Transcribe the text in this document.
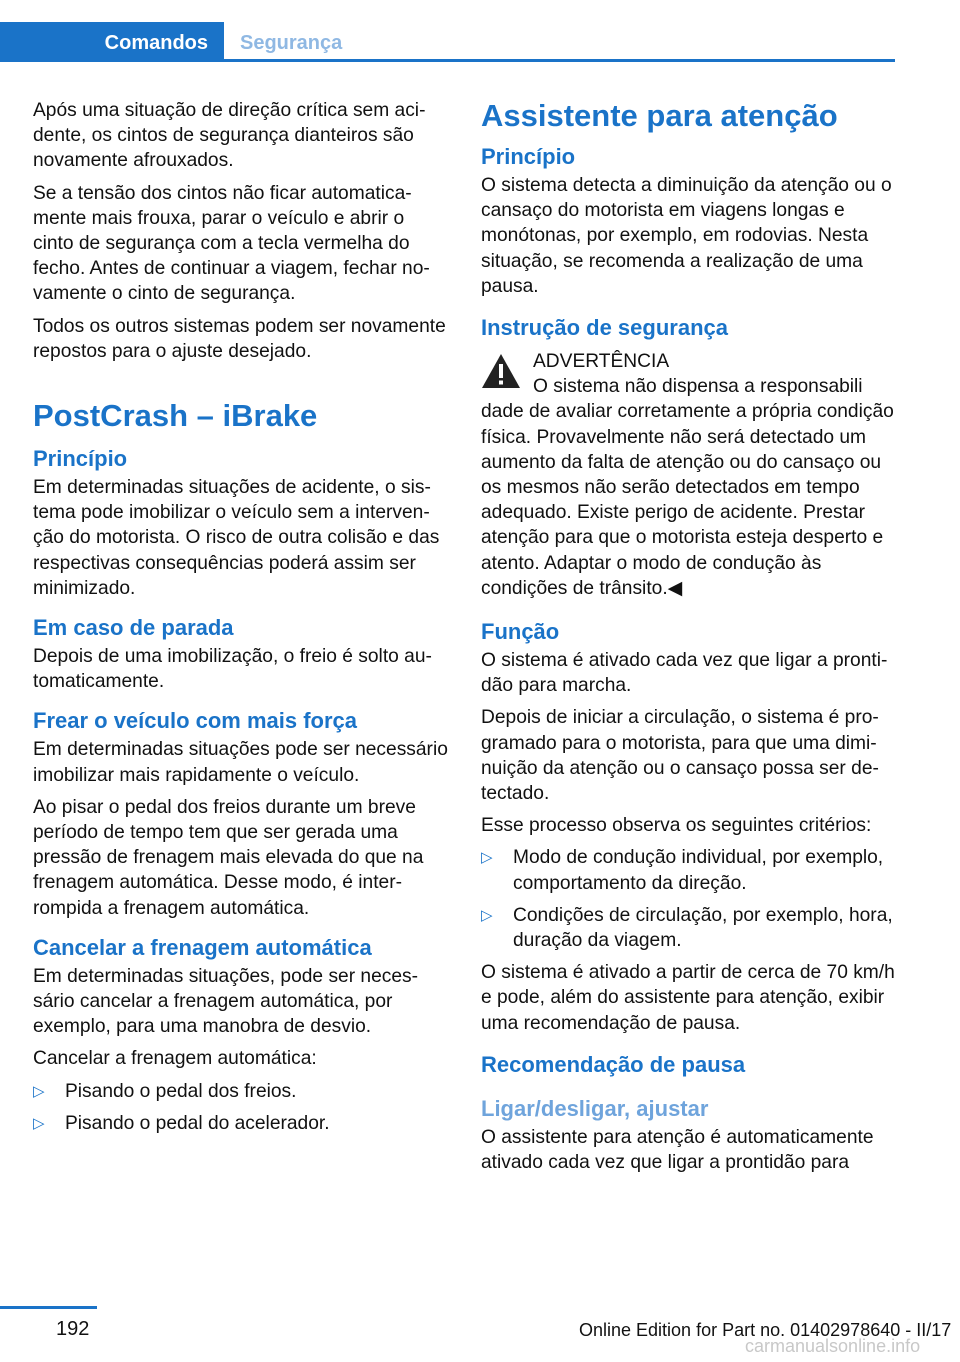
Comandos	Segurança

Após uma situação de direção crítica sem acidente, os cintos de segurança dianteiros são novamente afrouxados.

Se a tensão dos cintos não ficar automaticamente mais frouxa, parar o veículo e abrir o cinto de segurança com a tecla vermelha do fecho. Antes de continuar a viagem, fechar novamente o cinto de segurança.

Todos os outros sistemas podem ser novamente repostos para o ajuste desejado.

PostCrash – iBrake
Princípio

Em determinadas situações de acidente, o sistema pode imobilizar o veículo sem a intervenção do motorista. O risco de outra colisão e das respectivas consequências poderá assim ser minimizado.

Em caso de parada

Depois de uma imobilização, o freio é solto automaticamente.

Frear o veículo com mais força

Em determinadas situações pode ser necessário imobilizar mais rapidamente o veículo.

Ao pisar o pedal dos freios durante um breve período de tempo tem que ser gerada uma pressão de frenagem mais elevada do que na frenagem automática. Desse modo, é interrompida a frenagem automática.

Cancelar a frenagem automática

Em determinadas situações, pode ser necessário cancelar a frenagem automática, por exemplo, para uma manobra de desvio.

Cancelar a frenagem automática:

▷ Pisando o pedal dos freios.
▷ Pisando o pedal do acelerador.
Assistente para atenção
Princípio

O sistema detecta a diminuição da atenção ou o cansaço do motorista em viagens longas e monótonas, por exemplo, em rodovias. Nesta situação, se recomenda a realização de uma pausa.

Instrução de segurança

ADVERTÊNCIA

O sistema não dispensa a responsabili

dade de avaliar corretamente a própria condição física. Provavelmente não será detectado um aumento da falta de atenção ou do cansaço ou os mesmos não serão detectados em tempo adequado. Existe perigo de acidente. Prestar atenção para que o motorista esteja desperto e atento. Adaptar o modo de condução às condições de trânsito.◀

Função

O sistema é ativado cada vez que ligar a prontidão para marcha.

Depois de iniciar a circulação, o sistema é programado para o motorista, para que uma diminuição da atenção ou o cansaço possa ser detectado.

Esse processo observa os seguintes critérios:

▷ Modo de condução individual, por exemplo, comportamento da direção.
▷ Condições de circulação, por exemplo, hora, duração da viagem.

O sistema é ativado a partir de cerca de 70 km/h e pode, além do assistente para atenção, exibir uma recomendação de pausa.

Recomendação de pausa
Ligar/desligar, ajustar

O assistente para atenção é automaticamente ativado cada vez que ligar a prontidão para

192	Online Edition for Part no. 01402978640 - II/17
carmanualsonline.info
